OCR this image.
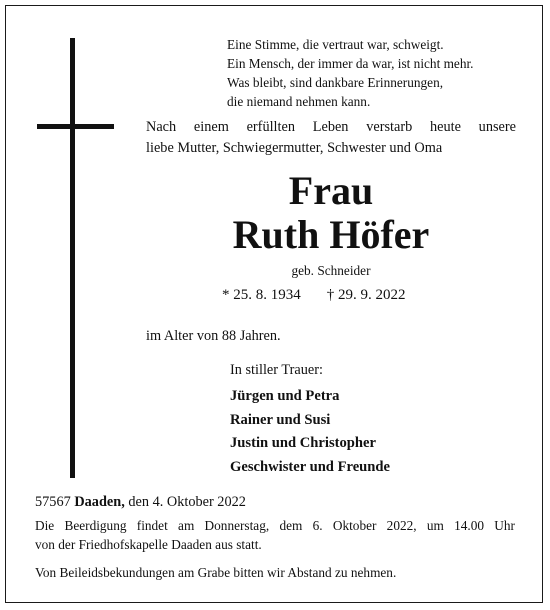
Eine Stimme, die vertraut war, schweigt.
Ein Mensch, der immer da war, ist nicht mehr.
Was bleibt, sind dankbare Erinnerungen,
die niemand nehmen kann.
Nach einem erfüllten Leben verstarb heute unsere
liebe Mutter, Schwiegermutter, Schwester und Oma
Frau
Ruth Höfer
geb. Schneider
* 25. 8. 1934 † 29. 9. 2022
im Alter von 88 Jahren.
In stiller Trauer:
Jürgen und Petra
Rainer und Susi
Justin und Christopher
Geschwister und Freunde
57567 Daaden, den 4. Oktober 2022
Die Beerdigung findet am Donnerstag, dem 6. Oktober 2022, um 14.00 Uhr
von der Friedhofskapelle Daaden aus statt.
Von Beileidsbekundungen am Grabe bitten wir Abstand zu nehmen.
